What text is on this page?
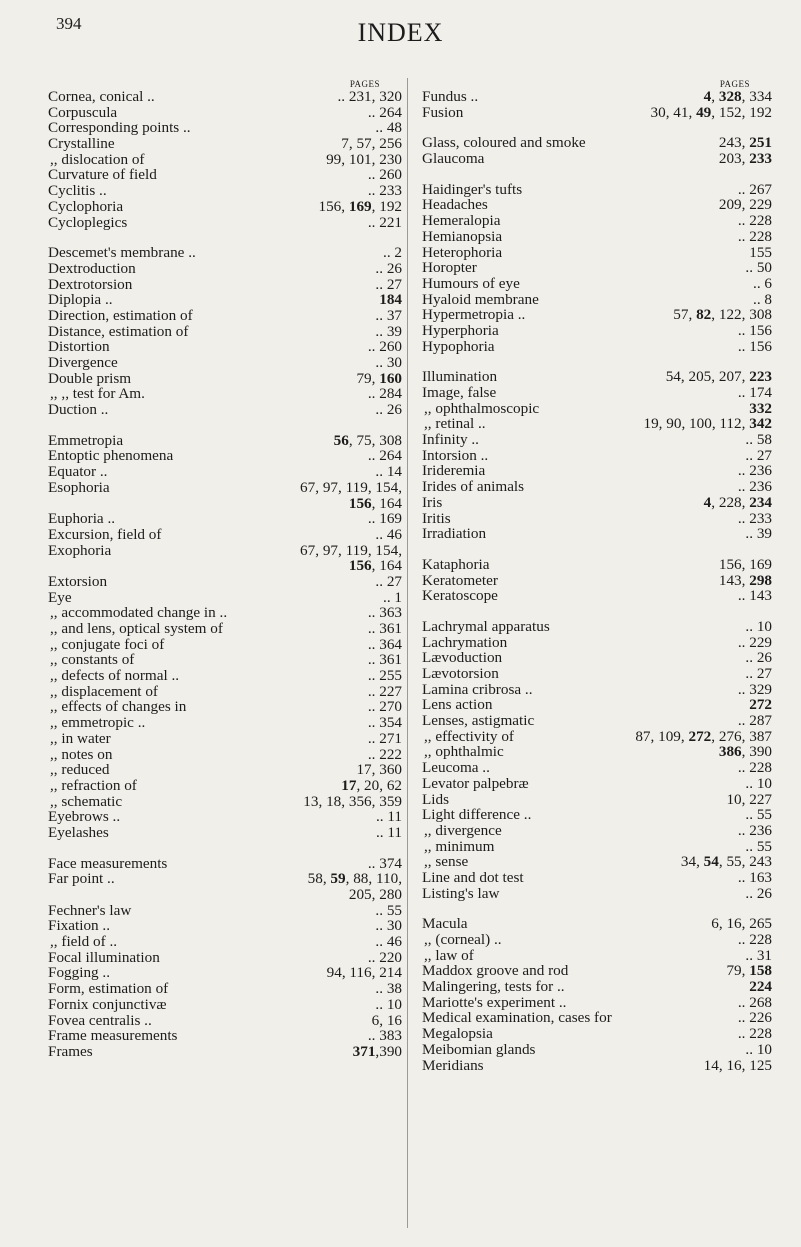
394	INDEX
PAGES
Cornea, conical ..	.. 231, 320
Corpuscula	.. 264
Corresponding points ..	.. 48
Crystalline	7, 57, 256
,, dislocation of	99, 101, 230
Curvature of field	.. 260
Cyclitis ..	.. 233
Cyclophoria	156, 169, 192
Cycloplegics	.. 221
Descemet's membrane ..	.. 2
Dextroduction	.. 26
Dextrotorsion	.. 27
Diplopia ..	184
Direction, estimation of	.. 37
Distance, estimation of	.. 39
Distortion	.. 260
Divergence	.. 30
Double prism	79, 160
,, ,, test for Am.	.. 284
Duction ..	.. 26
Emmetropia	56, 75, 308
Entoptic phenomena	.. 264
Equator ..	.. 14
Esophoria	67, 97, 119, 154,
156, 164
Euphoria ..	.. 169
Excursion, field of	.. 46
Exophoria	67, 97, 119, 154,
156, 164
Extorsion	.. 27
Eye	.. 1
,, accommodated change in ..	.. 363
,, and lens, optical system of	.. 361
,, conjugate foci of	.. 364
,, constants of	.. 361
,, defects of normal ..	.. 255
,, displacement of	.. 227
,, effects of changes in	.. 270
,, emmetropic ..	.. 354
,, in water	.. 271
,, notes on	.. 222
,, reduced	17, 360
,, refraction of	17, 20, 62
,, schematic	13, 18, 356, 359
Eyebrows ..	.. 11
Eyelashes	.. 11
Face measurements	.. 374
Far point ..	58, 59, 88, 110,
205, 280
Fechner's law	.. 55
Fixation ..	.. 30
,, field of ..	.. 46
Focal illumination	.. 220
Fogging ..	94, 116, 214
Form, estimation of	.. 38
Fornix conjunctivæ	.. 10
Fovea centralis ..	6, 16
Frame measurements	.. 383
Frames	371,390
PAGES
Fundus ..	4, 328, 334
Fusion	30, 41, 49, 152, 192
Glass, coloured and smoke	243, 251
Glaucoma	203, 233
Haidinger's tufts	.. 267
Headaches	209, 229
Hemeralopia	.. 228
Hemianopsia	.. 228
Heterophoria	155
Horopter	.. 50
Humours of eye	.. 6
Hyaloid membrane	.. 8
Hypermetropia ..	57, 82, 122, 308
Hyperphoria	.. 156
Hypophoria	.. 156
Illumination	54, 205, 207, 223
Image, false	.. 174
,, ophthalmoscopic	332
,, retinal ..	19, 90, 100, 112, 342
Infinity ..	.. 58
Intorsion ..	.. 27
Irideremia	.. 236
Irides of animals	.. 236
Iris	4, 228, 234
Iritis	.. 233
Irradiation	.. 39
Kataphoria	156, 169
Keratometer	143, 298
Keratoscope	.. 143
Lachrymal apparatus	.. 10
Lachrymation	.. 229
Lævoduction	.. 26
Lævotorsion	.. 27
Lamina cribrosa ..	.. 329
Lens action	272
Lenses, astigmatic	.. 287
,, effectivity of	87, 109, 272, 276, 387
,, ophthalmic	386, 390
Leucoma ..	.. 228
Levator palpebræ	.. 10
Lids	10, 227
Light difference ..	.. 55
,, divergence	.. 236
,, minimum	.. 55
,, sense	34, 54, 55, 243
Line and dot test	.. 163
Listing's law	.. 26
Macula	6, 16, 265
,, (corneal) ..	.. 228
,, law of	.. 31
Maddox groove and rod	79, 158
Malingering, tests for ..	224
Mariotte's experiment ..	.. 268
Medical examination, cases for	.. 226
Megalopsia	.. 228
Meibomian glands	.. 10
Meridians	14, 16, 125
